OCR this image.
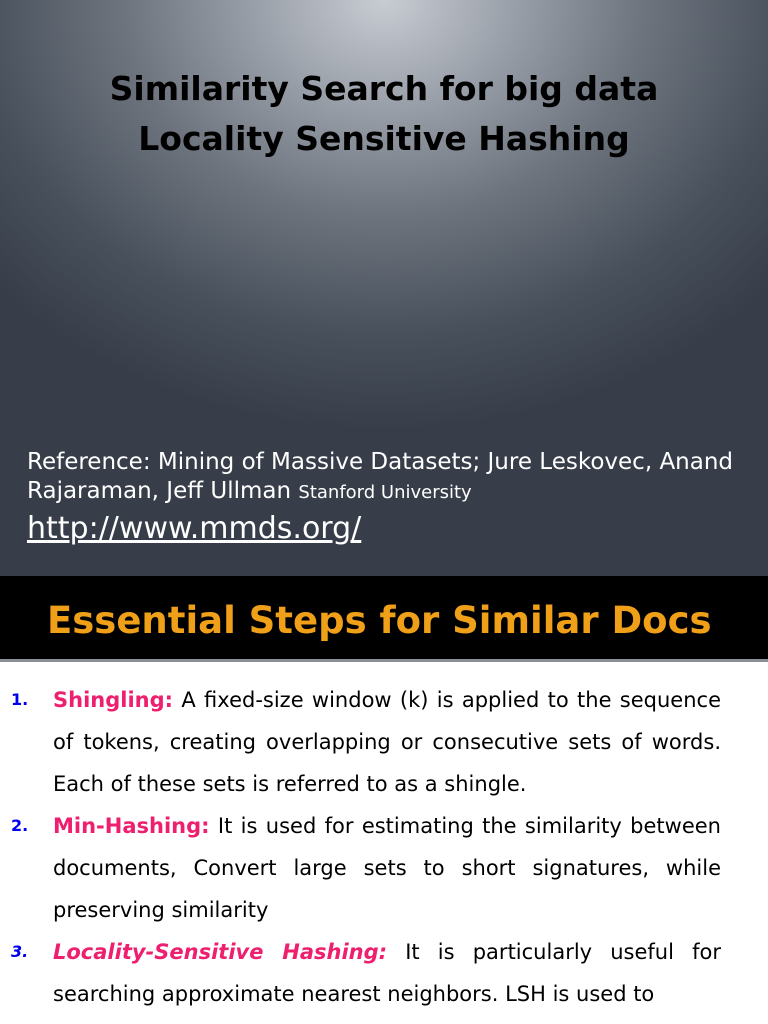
Similarity Search for big data
Locality Sensitive Hashing

Reference: Mining of Massive Datasets; Jure Leskovec, Anand Rajaraman, Jeff Ullman Stanford University

http://www.mmds.org/
Essential Steps for Similar Docs
1.	Shingling: A fixed-size window (k) is applied to the sequence of tokens, creating overlapping or consecutive sets of words. Each of these sets is referred to as a shingle.
2.	Min-Hashing: It is used for estimating the similarity between documents, Convert large sets to short signatures, while preserving similarity
3.	Locality-Sensitive Hashing: It is particularly useful for searching approximate nearest neighbors. LSH is used to
